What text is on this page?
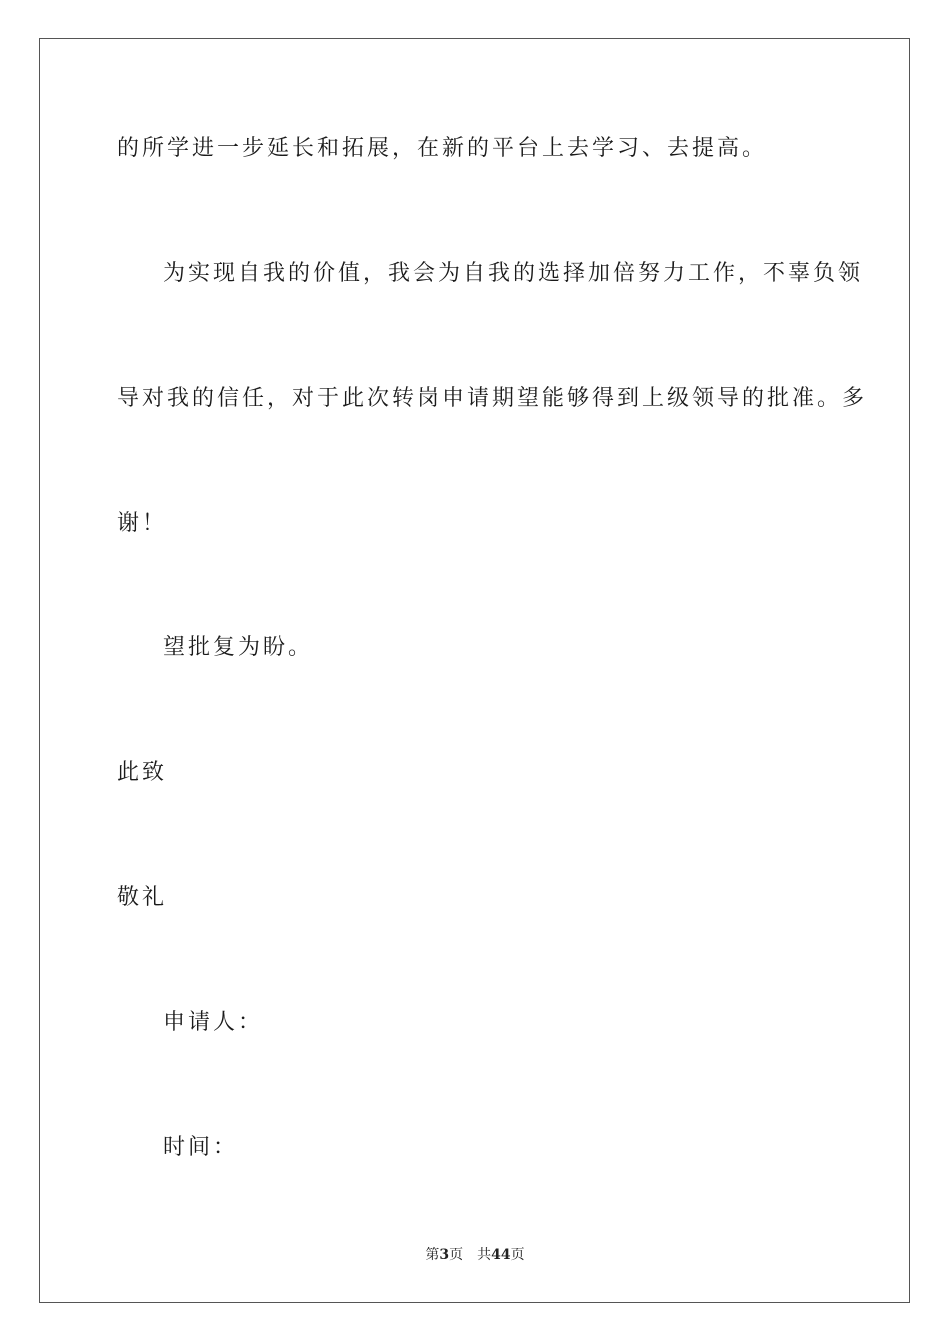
的所学进一步延长和拓展，在新的平台上去学习、去提高。
为实现自我的价值，我会为自我的选择加倍努力工作，不辜负领
导对我的信任，对于此次转岗申请期望能够得到上级领导的批准。多
谢！
望批复为盼。
此致
敬礼
申请人：
时间：
第3页 共44页
